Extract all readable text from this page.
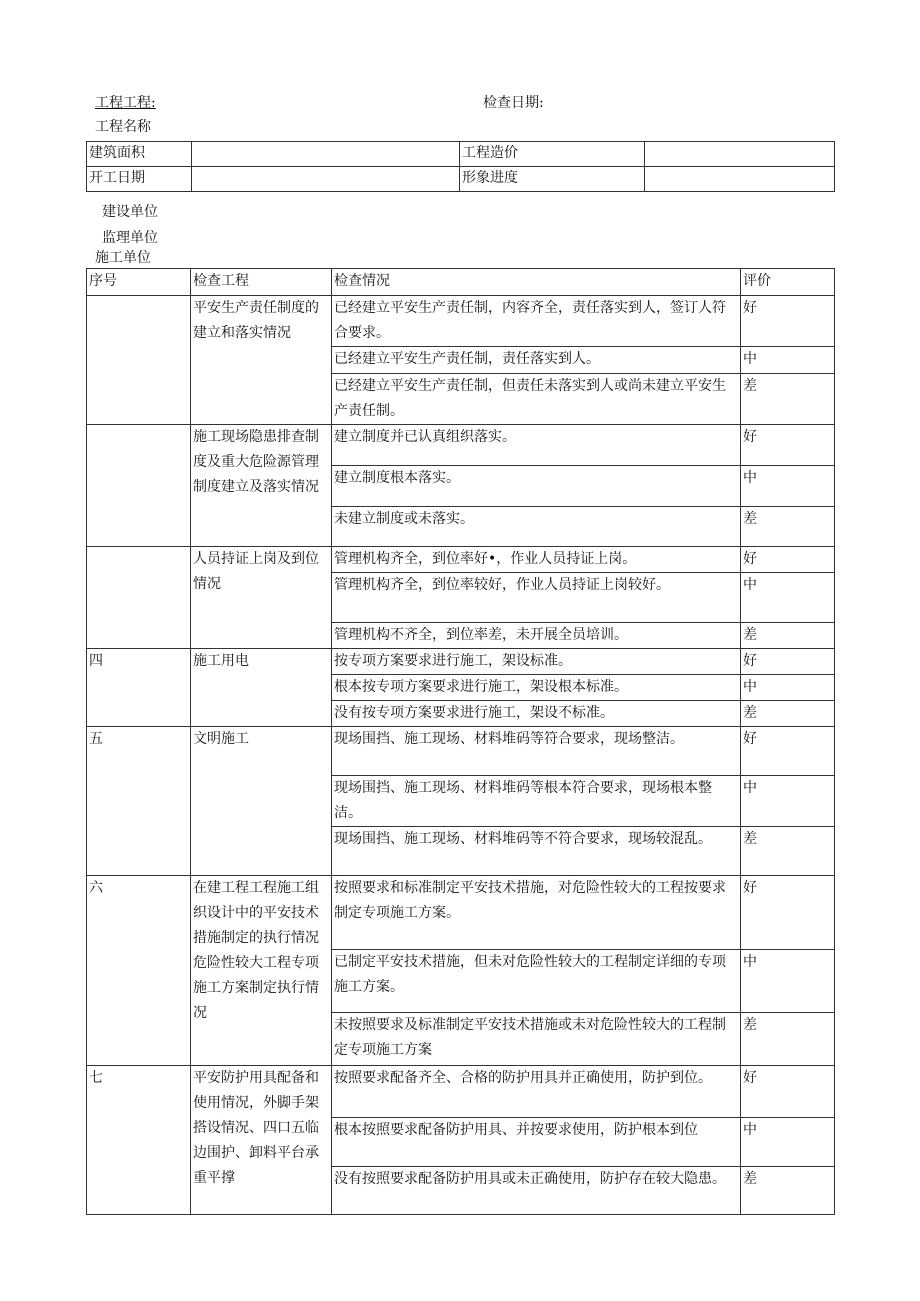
工程工程:	检查日期:
工程名称
建筑面积		工程造价	
开工日期		形象进度	
建设单位
监理单位
施工单位
序号	检查工程	检查情况	评价
	平安生产责任制度的建立和落实情况	已经建立平安生产责任制，内容齐全，责任落实到人，签订人符合要求。	好
		已经建立平安生产责任制，责任落实到人。	中
		已经建立平安生产责任制，但责任未落实到人或尚未建立平安生产责任制。	差
	施工现场隐患排查制度及重大危险源管理制度建立及落实情况	建立制度并已认真组织落实。	好
		建立制度根本落实。	中
		未建立制度或未落实。	差
	人员持证上岗及到位情况	管理机构齐全，到位率好•，作业人员持证上岗。	好
		管理机构齐全，到位率较好，作业人员持证上岗较好。	中
		管理机构不齐全，到位率差，未开展全员培训。	差
四	施工用电	按专项方案要求进行施工，架设标准。	好
		根本按专项方案要求进行施工，架设根本标准。	中
		没有按专项方案要求进行施工，架设不标准。	差
五	文明施工	现场围挡、施工现场、材料堆码等符合要求，现场整洁。	好
		现场围挡、施工现场、材料堆码等根本符合要求，现场根本整洁。	中
		现场围挡、施工现场、材料堆码等不符合要求，现场较混乱。	差
六	在建工程工程施工组织设计中的平安技术措施制定的执行情况危险性较大工程专项施工方案制定执行情况	按照要求和标准制定平安技术措施，对危险性较大的工程按要求制定专项施工方案。	好
		已制定平安技术措施，但未对危险性较大的工程制定详细的专项施工方案。	中
		未按照要求及标准制定平安技术措施或未对危险性较大的工程制定专项施工方案	差
七	平安防护用具配备和使用情况，外脚手架搭设情况、四口五临边围护、卸料平台承重平撑	按照要求配备齐全、合格的防护用具并正确使用，防护到位。	好
		根本按照要求配备防护用具、并按要求使用，防护根本到位	中
		没有按照要求配备防护用具或未正确使用，防护存在较大隐患。	差
